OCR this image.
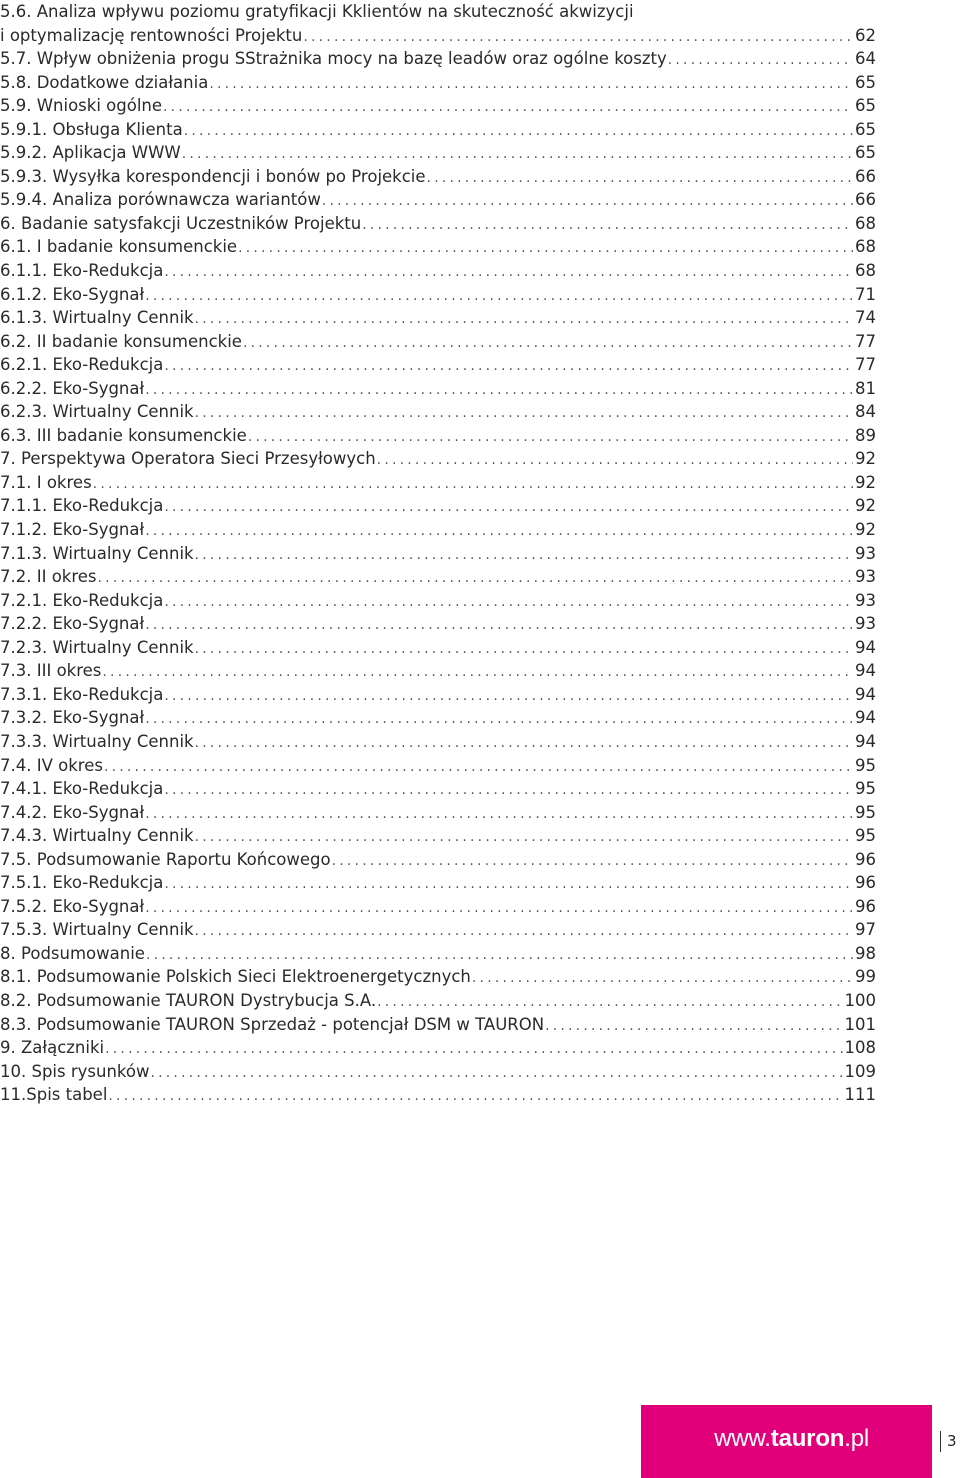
5.6. Analiza wpływu poziomu gratyfikacji Kklientów na skuteczność akwizycji
i optymalizację rentowności Projektu .....	62
5.7. Wpływ obniżenia progu SStrażnika mocy na bazę leadów oraz ogólne koszty .....	64
5.8. Dodatkowe działania .....	65
5.9. Wnioski ogólne .....	65
5.9.1. Obsługa Klienta .....	65
5.9.2. Aplikacja WWW .....	65
5.9.3. Wysyłka korespondencji i bonów po Projekcie .....	66
5.9.4. Analiza porównawcza wariantów .....	66
6. Badanie satysfakcji Uczestników Projektu .....	68
6.1. I badanie konsumenckie .....	68
6.1.1. Eko-Redukcja .....	68
6.1.2. Eko-Sygnał .....	71
6.1.3. Wirtualny Cennik .....	74
6.2. II badanie konsumenckie .....	77
6.2.1. Eko-Redukcja .....	77
6.2.2. Eko-Sygnał .....	81
6.2.3. Wirtualny Cennik .....	84
6.3. III badanie konsumenckie .....	89
7. Perspektywa Operatora Sieci Przesyłowych .....	92
7.1. I okres .....	92
7.1.1. Eko-Redukcja .....	92
7.1.2. Eko-Sygnał .....	92
7.1.3. Wirtualny Cennik .....	93
7.2. II okres .....	93
7.2.1. Eko-Redukcja .....	93
7.2.2. Eko-Sygnał .....	93
7.2.3. Wirtualny Cennik .....	94
7.3. III okres .....	94
7.3.1. Eko-Redukcja .....	94
7.3.2. Eko-Sygnał .....	94
7.3.3. Wirtualny Cennik .....	94
7.4. IV okres .....	95
7.4.1. Eko-Redukcja .....	95
7.4.2. Eko-Sygnał .....	95
7.4.3. Wirtualny Cennik .....	95
7.5. Podsumowanie Raportu Końcowego .....	96
7.5.1. Eko-Redukcja .....	96
7.5.2. Eko-Sygnał .....	96
7.5.3. Wirtualny Cennik .....	97
8. Podsumowanie .....	98
8.1. Podsumowanie Polskich Sieci Elektroenergetycznych .....	99
8.2. Podsumowanie TAURON Dystrybucja S.A. .....	100
8.3. Podsumowanie TAURON Sprzedaż - potencjał DSM w TAURON .....	101
9. Załączniki .....	108
10. Spis rysunków .....	109
11.Spis tabel .....	111
www.tauron.pl	3
